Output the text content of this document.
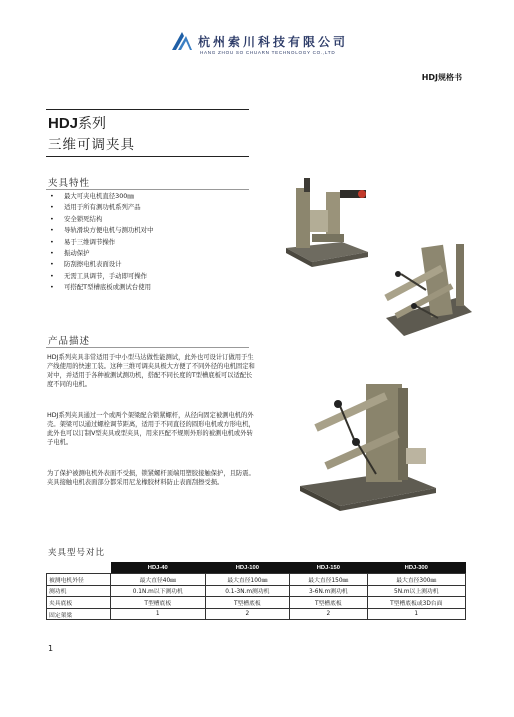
杭州索川科技有限公司
HANG ZHOU SO CHUARN TECHNOLOGY CO.,LTD
HDJ规格书
HDJ系列
三维可调夹具
夹具特性
• 最大可夹电机直径300㎜
• 适用于所有测功机系列产品
• 安全锁死结构
• 导轨滑块方便电机与测功机对中
• 易于三维调节操作
• 振动保护
• 防刮擦电机表面设计
• 无需工具调节，手动即可操作
• 可搭配T型槽底板或测试台使用
产品描述

HDJ系列夹具非常适用于中小型马达做性能测试，此外也可设计订做用于生产线使用的快速工装。这种三维可调夹具极大方便了不同外径的电机固定和对中，并适用于各种被测试测功机，搭配不同长度的T型槽底板可以适配长度不同的电机。

HDJ系列夹具通过一个或两个架梁配合锁紧螺杆，从径向固定被测电机的外壳。架梁可以通过螺栓调节距离，适用于不同直径的圆形电机或方形电机，此外也可以订制V型夹具或型夹具，用来匹配不规则外形的被测电机或外转子电机。

为了保护被测电机外表面不受损，锁紧螺杆顶端用塑胶接触保护，且防震。夹具接触电机表面部分都采用尼龙橡胶材料防止表面刮擦受损。

夹具型号对比
	HDJ-40	HDJ-100	HDJ-150	HDJ-300
被测电机外径	最大直径40㎜	最大直径100㎜	最大直径150㎜	最大直径300㎜
测功机	0.1N.m以下测功机	0.1-3N.m测功机	3-6N.m测功机	5N.m以上测功机
夹具底板	T型槽底板	T型槽底板	T型槽底板	T型槽底板或3D台面
固定架梁	1	2	2	1
1
